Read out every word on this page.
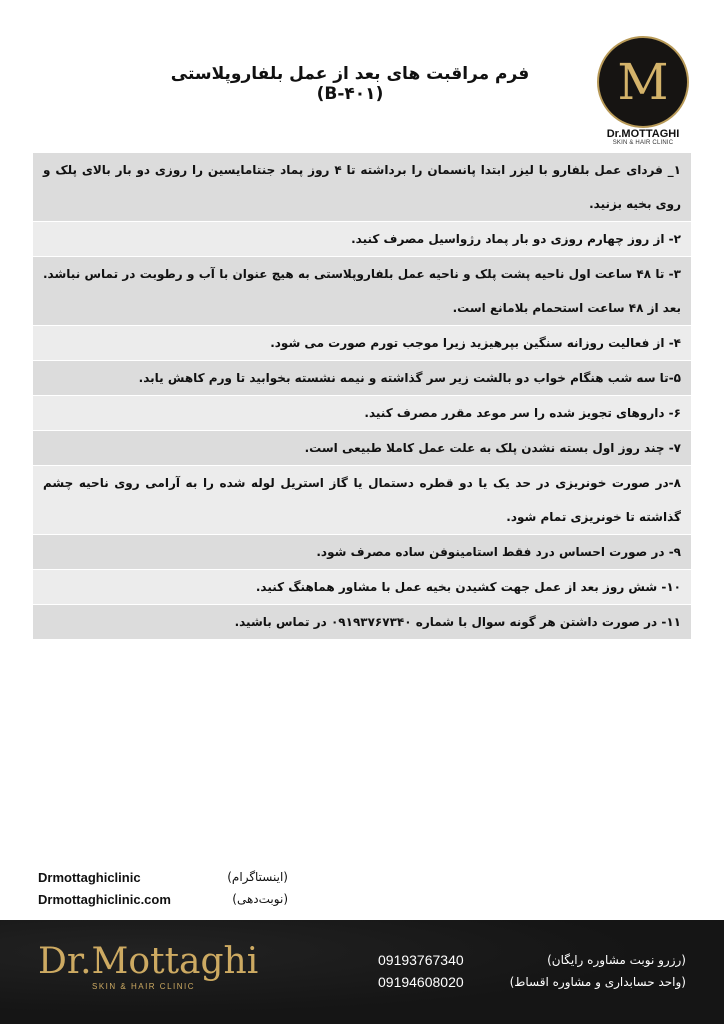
M
Dr.MOTTAGHI
SKIN & HAIR CLINIC
فرم مراقبت های بعد از عمل بلفاروپلاستی (B-۴۰۱)
۱_ فردای عمل بلفارو با لیزر ابتدا پانسمان را برداشته تا ۴ روز پماد جنتامایسین را روزی دو بار بالای پلک و روی بخیه بزنید.
۲- از روز چهارم روزی دو بار پماد رژواسیل مصرف کنید.
۳- تا ۴۸ ساعت اول ناحیه پشت پلک و ناحیه عمل بلفاروپلاستی به هیچ عنوان با آب و رطوبت در تماس نباشد. بعد از ۴۸ ساعت استحمام بلامانع است.
۴- از فعالیت روزانه سنگین بپرهیزید زیرا موجب تورم صورت می شود.
۵-تا سه شب هنگام خواب دو بالشت زیر سر گذاشته و نیمه نشسته بخوابید تا ورم کاهش یابد.
۶- داروهای تجویز شده را سر موعد مقرر مصرف کنید.
۷- چند روز اول بسته نشدن پلک به علت عمل کاملا طبیعی است.
۸-در صورت خونریزی در حد یک یا دو قطره دستمال یا گاز استریل لوله شده را به آرامی روی ناحیه چشم گذاشته تا خونریزی تمام شود.
۹- در صورت احساس درد فقط استامینوفن ساده مصرف شود.
۱۰- شش روز بعد از عمل جهت کشیدن بخیه عمل با مشاور هماهنگ کنید.
۱۱- در صورت داشتن هر گونه سوال با شماره ۰۹۱۹۳۷۶۷۳۴۰ در تماس باشید.
Drmottaghiclinic	(اینستاگرام)
Drmottaghiclinic.com	(نوبت‌دهی)
Dr.Mottaghi
SKIN & HAIR CLINIC
09193767340
09194608020
(رزرو نوبت مشاوره رایگان)
(واحد حسابداری و مشاوره اقساط)
